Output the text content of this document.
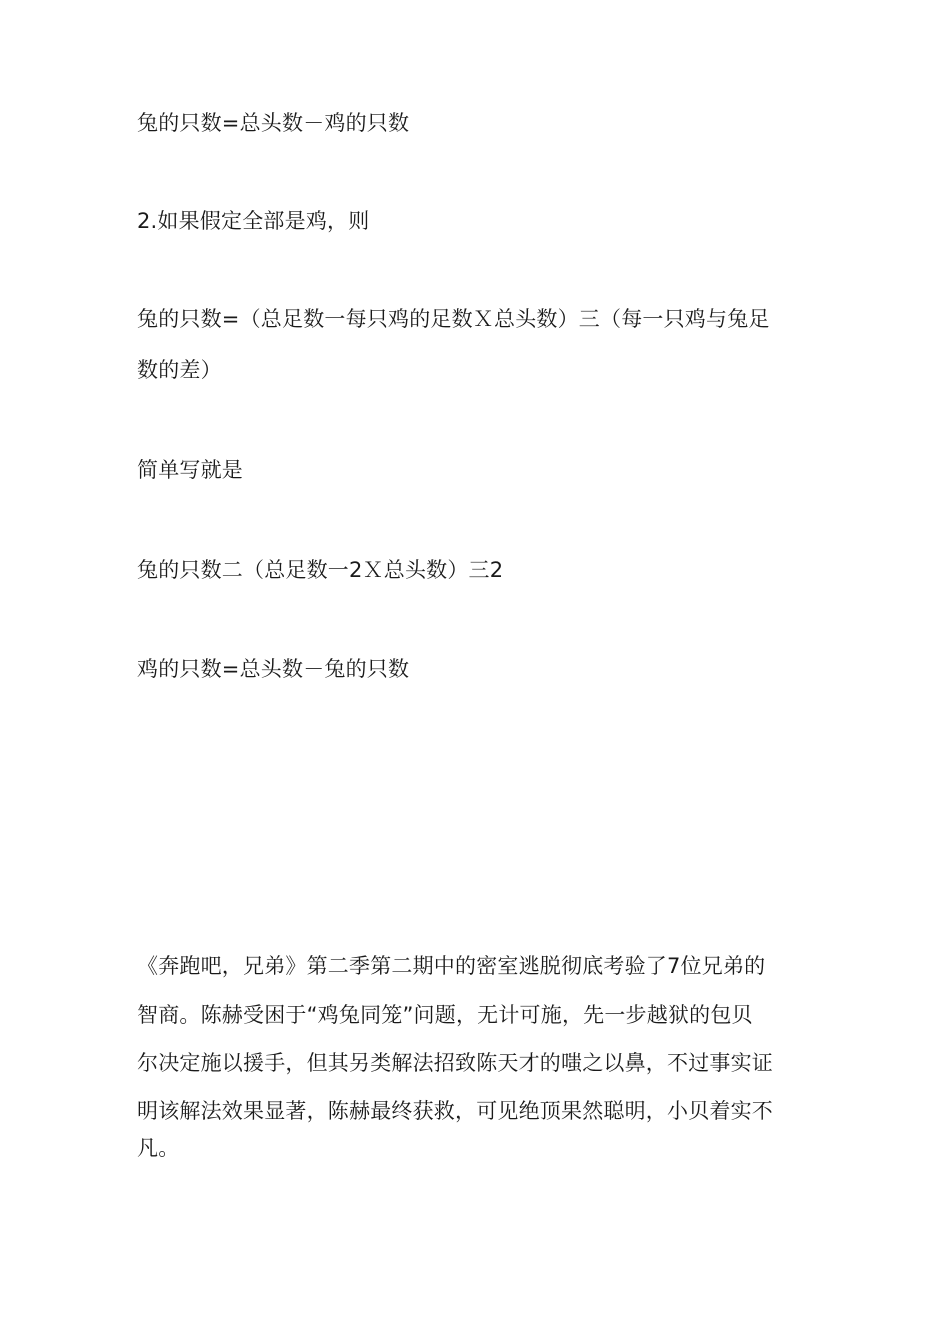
兔的只数=总头数－鸡的只数
2.如果假定全部是鸡，则
兔的只数=（总足数一每只鸡的足数Ｘ总头数）三（每一只鸡与兔足
数的差）
简单写就是
兔的只数二（总足数一2Ｘ总头数）三2
鸡的只数=总头数－兔的只数
《奔跑吧，兄弟》第二季第二期中的密室逃脱彻底考验了7位兄弟的
智商。陈赫受困于“鸡兔同笼”问题，无计可施，先一步越狱的包贝
尔决定施以援手，但其另类解法招致陈天才的嗤之以鼻，不过事实证
明该解法效果显著，陈赫最终获救，可见绝顶果然聪明，小贝着实不
凡。
